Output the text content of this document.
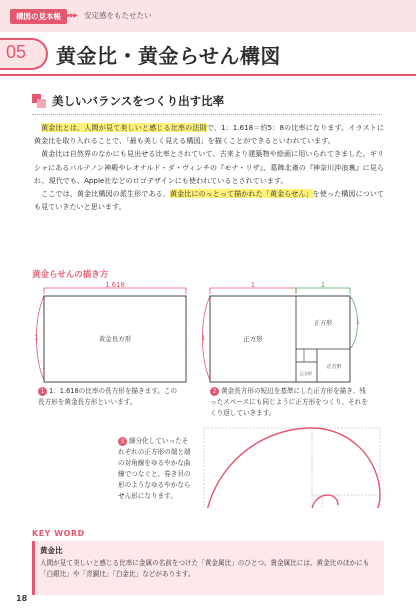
構図の見本帳 ▶▶▶ 安定感をもたせたい
05 黄金比・黄金らせん構図
美しいバランスをつくり出す比率

黄金比とは、人間が見て美しいと感じる比率の法則で、1：1.618＝約5：8の比率になります。イラストに黄金比を取り入れることで、「最も美しく見える構図」を描くことができるといわれています。

黄金比は自然界のなかにも見出せる比率とされていて、古来より建築物や絵画に用いられてきました。ギリシャにあるパルテノン神殿やレオナルド・ダ・ヴィンチの『モナ・リザ』、葛飾北斎の『神奈川沖浪裏』に見られ、現代でも、Apple社などのロゴデザインにも使われているとされています。

ここでは、黄金比構図の派生形である、黄金比にのっとって描かれた「黄金らせん」を使った構図についても見ていきたいと思います。

黄金らせんの描き方
1.618
1	黄金長方形
1	1
1	正方形
正方形
正方形
正方形
1
1 1：1.618の比率の長方形を描きます。この長方形を黄金長方形といいます。
2 黄金長方形の短辺を基準にした正方形を描き、残ったスペースにも同じように正方形をつくり、それをくり返していきます。
3 細分化していったそれぞれの正方形の端と端の対角線をゆるやかな曲線でつなぐと、券き貝の形のようなゆるやかならせん形になります。
KEY WORD
黄金比
人間が見て美しいと感じる比率に金属の名前をつけた「黄金属比」のひとつ。貴金属比には、黄金比のほかにも「白銀比」や「青銅比」「白金比」などがあります。
18
